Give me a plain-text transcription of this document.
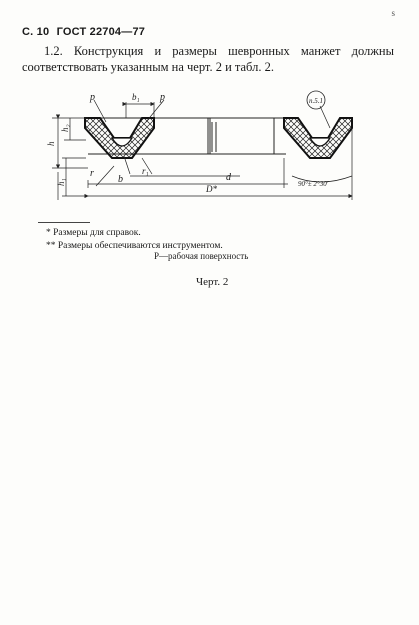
С. 10 ГОСТ 22704—77
s
1.2. Конструкция и размеры шевронных манжет должны соответствовать указанным на черт. 2 и табл. 2.
p	p
b₁
h₂
h
h₁
r
b
r₁
d
D*
п.5.1
90°± 2°30′
* Размеры для справок.
** Размеры обеспечиваются инструментом.
P—рабочая поверхность
Черт. 2
